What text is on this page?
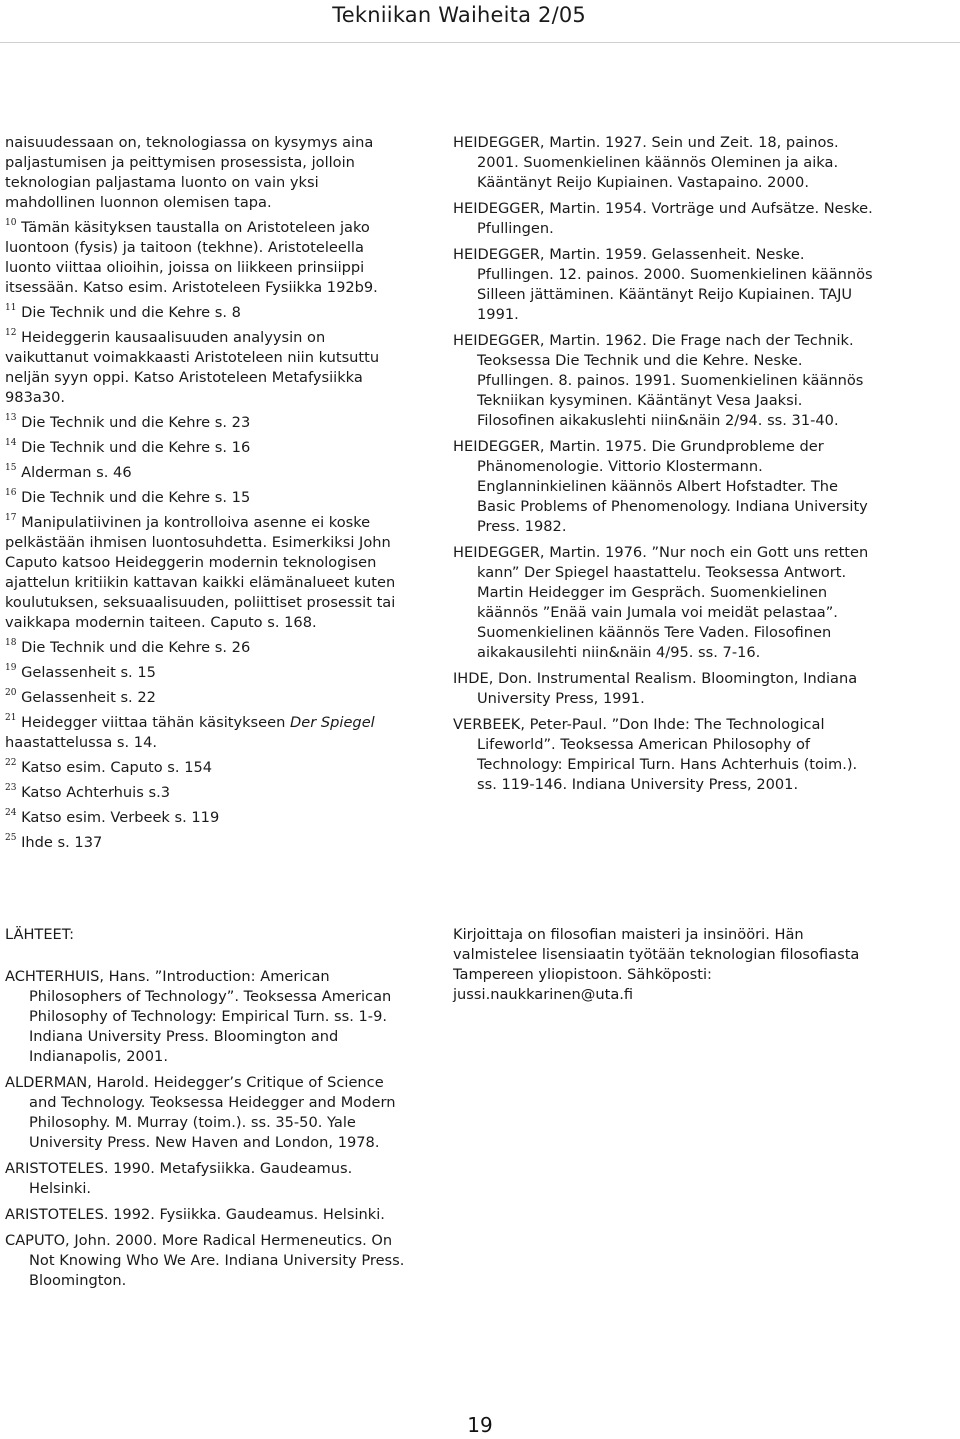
Tekniikan Waiheita 2/05
naisuudessaan on, teknologiassa on kysymys aina paljastumisen ja peittymisen prosessista, jolloin teknologian paljastama luonto on vain yksi mahdollinen luonnon olemisen tapa.
$^{10}$ Tämän käsityksen taustalla on Aristoteleen jako luontoon (fysis) ja taitoon (tekhne). Aristoteleella luonto viittaa olioihin, joissa on liikkeen prinsiippi itsessään. Katso esim. Aristoteleen Fysiikka 192b9.
$^{11}$ Die Technik und die Kehre s. 8
$^{12}$ Heideggerin kausaalisuuden analyysin on vaikuttanut voimakkaasti Aristoteleen niin kutsuttu neljän syyn oppi. Katso Aristoteleen Metafysiikka 983a30.
$^{13}$ Die Technik und die Kehre s. 23
$^{14}$ Die Technik und die Kehre s. 16
$^{15}$ Alderman s. 46
$^{16}$ Die Technik und die Kehre s. 15
$^{17}$ Manipulatiivinen ja kontrolloiva asenne ei koske pelkästään ihmisen luontosuhdetta. Esimerkiksi John Caputo katsoo Heideggerin modernin teknologisen ajattelun kritiikin kattavan kaikki elämänalueet kuten koulutuksen, seksuaalisuuden, poliittiset prosessit tai vaikkapa modernin taiteen. Caputo s. 168.
$^{18}$ Die Technik und die Kehre s. 26
$^{19}$ Gelassenheit s. 15
$^{20}$ Gelassenheit s. 22
$^{21}$ Heidegger viittaa tähän käsitykseen Der Spiegel haastattelussa s. 14.
$^{22}$ Katso esim. Caputo s. 154
$^{23}$ Katso Achterhuis s.3
$^{24}$ Katso esim. Verbeek s. 119
$^{25}$ Ihde s. 137
HEIDEGGER, Martin. 1927. Sein und Zeit. 18, painos. 2001. Suomenkielinen käännös Oleminen ja aika. Kääntänyt Reijo Kupiainen. Vastapaino. 2000.
HEIDEGGER, Martin. 1954. Vorträge und Aufsätze. Neske. Pfullingen.
HEIDEGGER, Martin. 1959. Gelassenheit. Neske. Pfullingen. 12. painos. 2000. Suomenkielinen käännös Silleen jättäminen. Kääntänyt Reijo Kupiainen. TAJU 1991.
HEIDEGGER, Martin. 1962. Die Frage nach der Technik. Teoksessa Die Technik und die Kehre. Neske. Pfullingen. 8. painos. 1991. Suomenkielinen käännös Tekniikan kysyminen. Kääntänyt Vesa Jaaksi. Filosofinen aikakuslehti niin&näin 2/94. ss. 31-40.
HEIDEGGER, Martin. 1975. Die Grundprobleme der Phänomenologie. Vittorio Klostermann. Englanninkielinen käännös Albert Hofstadter. The Basic Problems of Phenomenology. Indiana University Press. 1982.
HEIDEGGER, Martin. 1976. ”Nur noch ein Gott uns retten kann” Der Spiegel haastattelu. Teoksessa Antwort. Martin Heidegger im Gespräch. Suomenkielinen käännös ”Enää vain Jumala voi meidät pelastaa”. Suomenkielinen käännös Tere Vaden. Filosofinen aikakausilehti niin&näin 4/95. ss. 7-16.
IHDE, Don. Instrumental Realism. Bloomington, Indiana University Press, 1991.
VERBEEK, Peter-Paul. ”Don Ihde: The Technological Lifeworld”. Teoksessa American Philosophy of Technology: Empirical Turn. Hans Achterhuis (toim.). ss. 119-146. Indiana University Press, 2001.
LÄHTEET:
ACHTERHUIS, Hans. ”Introduction: American Philosophers of Technology”. Teoksessa American Philosophy of Technology: Empirical Turn. ss. 1-9. Indiana University Press. Bloomington and Indianapolis, 2001.
ALDERMAN, Harold. Heidegger’s Critique of Science and Technology. Teoksessa Heidegger and Modern Philosophy. M. Murray (toim.). ss. 35-50. Yale University Press. New Haven and London, 1978.
ARISTOTELES. 1990. Metafysiikka. Gaudeamus. Helsinki.
ARISTOTELES. 1992. Fysiikka. Gaudeamus. Helsinki.
CAPUTO, John. 2000. More Radical Hermeneutics. On Not Knowing Who We Are. Indiana University Press. Bloomington.
Kirjoittaja on filosofian maisteri ja insinööri. Hän valmistelee lisensiaatin työtään teknologian filosofiasta Tampereen yliopistoon. Sähköposti: jussi.naukkarinen@uta.fi
19
